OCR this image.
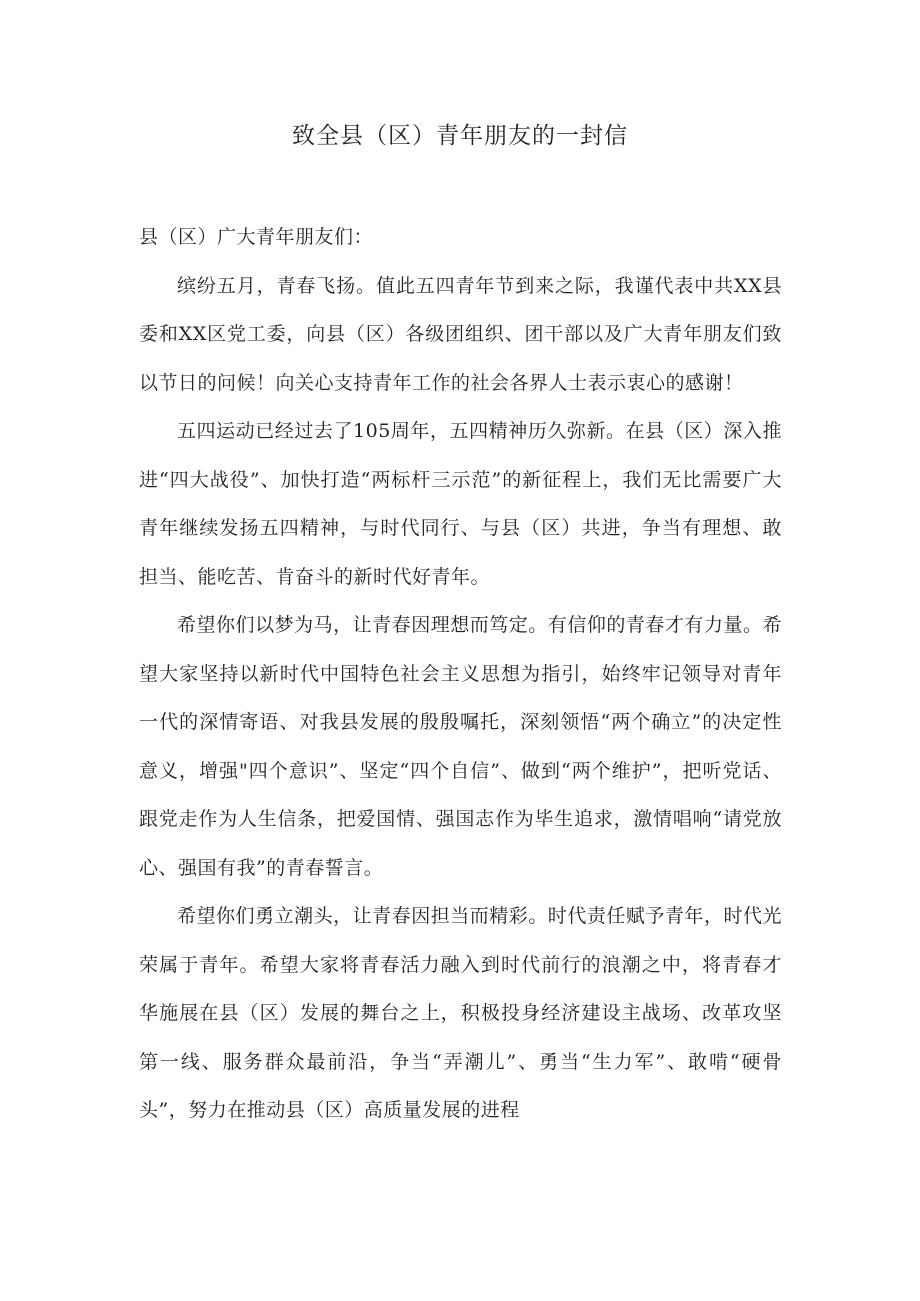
致全县（区）青年朋友的一封信

县（区）广大青年朋友们：

缤纷五月，青春飞扬。值此五四青年节到来之际，我谨代表中共XX县委和XX区党工委，向县（区）各级团组织、团干部以及广大青年朋友们致以节日的问候！向关心支持青年工作的社会各界人士表示衷心的感谢！

五四运动已经过去了105周年，五四精神历久弥新。在县（区）深入推进“四大战役”、加快打造“两标杆三示范”的新征程上，我们无比需要广大青年继续发扬五四精神，与时代同行、与县（区）共进，争当有理想、敢担当、能吃苦、肯奋斗的新时代好青年。

希望你们以梦为马，让青春因理想而笃定。有信仰的青春才有力量。希望大家坚持以新时代中国特色社会主义思想为指引，始终牢记领导对青年一代的深情寄语、对我县发展的殷殷嘱托，深刻领悟“两个确立”的决定性意义，增强"四个意识”、坚定“四个自信”、做到“两个维护”，把听党话、跟党走作为人生信条，把爱国情、强国志作为毕生追求，激情唱响“请党放心、强国有我”的青春誓言。

希望你们勇立潮头，让青春因担当而精彩。时代责任赋予青年，时代光荣属于青年。希望大家将青春活力融入到时代前行的浪潮之中，将青春才华施展在县（区）发展的舞台之上，积极投身经济建设主战场、改革攻坚第一线、服务群众最前沿，争当“弄潮儿”、勇当“生力军”、敢啃“硬骨头”，努力在推动县（区）高质量发展的进程
